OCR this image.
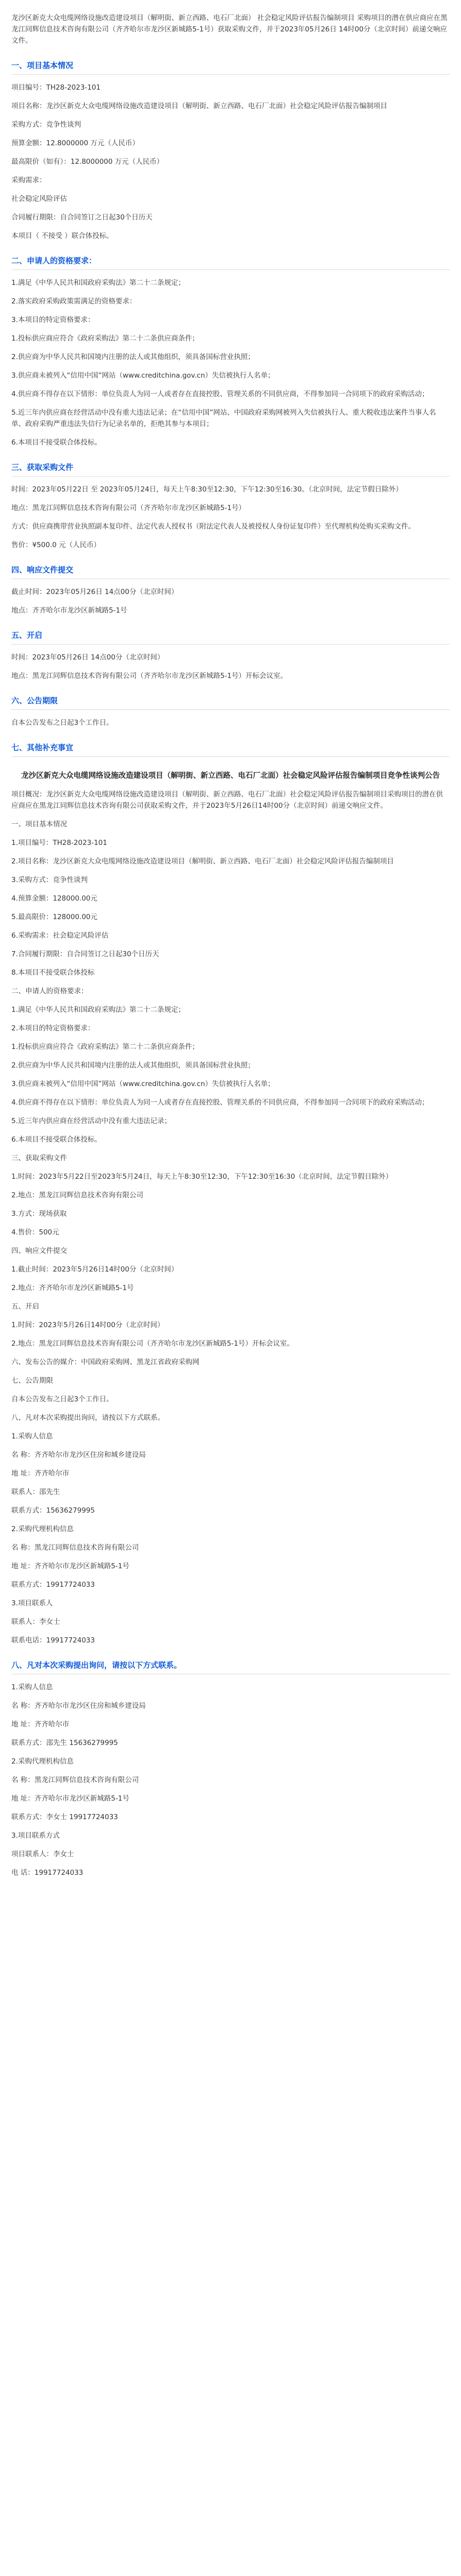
龙沙区新克大众电缆网络设施改造建设项目（解明街、新立西路、电石厂北面） 社会稳定风险评估报告编制项目 采购项目的潜在供应商应在黑龙江同辉信息技术咨询有限公司（齐齐哈尔市龙沙区新城路5-1号）获取采购文件，并于2023年05月26日 14时00分（北京时间）前递交响应文件。
一、项目基本情况
项目编号：TH28-2023-101
项目名称：龙沙区新克大众电缆网络设施改造建设项目（解明街、新立西路、电石厂北面）社会稳定风险评估报告编制项目
采购方式：竞争性谈判
预算金额：12.8000000 万元（人民币）
最高限价（如有）：12.8000000 万元（人民币）
采购需求：
社会稳定风险评估
合同履行期限：自合同签订之日起30个日历天
本项目（ 不接受 ）联合体投标。
二、申请人的资格要求：
1.满足《中华人民共和国政府采购法》第二十二条规定；
2.落实政府采购政策需满足的资格要求：
3.本项目的特定资格要求：
1.投标供应商应符合《政府采购法》第二十二条供应商条件；
2.供应商为中华人民共和国境内注册的法人或其他组织，须具备国标营业执照；
3.供应商未被列入“信用中国”网站（www.creditchina.gov.cn）失信被执行人名单；
4.供应商不得存在以下情形：单位负责人为同一人或者存在直接控股、管理关系的不同供应商，不得参加同一合同项下的政府采购活动；
5.近三年内供应商在经营活动中没有重大违法记录；在“信用中国”网站、中国政府采购网被列入失信被执行人、重大税收违法案件当事人名单、政府采购严重违法失信行为记录名单的，拒绝其参与本项目；
6.本项目不接受联合体投标。
三、获取采购文件
时间：2023年05月22日 至 2023年05月24日，每天上午8:30至12:30，下午12:30至16:30。（北京时间，法定节假日除外）
地点：黑龙江同辉信息技术咨询有限公司（齐齐哈尔市龙沙区新城路5-1号）
方式：供应商携带营业执照副本复印件、法定代表人授权书（附法定代表人及被授权人身份证复印件）至代理机构处购买采购文件。
售价：¥500.0 元（人民币）
四、响应文件提交
截止时间：2023年05月26日 14点00分（北京时间）
地点：齐齐哈尔市龙沙区新城路5-1号
五、开启
时间：2023年05月26日 14点00分（北京时间）
地点：黑龙江同辉信息技术咨询有限公司（齐齐哈尔市龙沙区新城路5-1号）开标会议室。
六、公告期限
自本公告发布之日起3个工作日。
七、其他补充事宜
龙沙区新克大众电缆网络设施改造建设项目（解明街、新立西路、电石厂北面）社会稳定风险评估报告编制项目竞争性谈判公告
项目概况：龙沙区新克大众电缆网络设施改造建设项目（解明街、新立西路、电石厂北面）社会稳定风险评估报告编制项目采购项目的潜在供应商应在黑龙江同辉信息技术咨询有限公司获取采购文件，并于2023年5月26日14时00分（北京时间）前递交响应文件。
一、项目基本情况
1.项目编号：TH28-2023-101
2.项目名称：龙沙区新克大众电缆网络设施改造建设项目（解明街、新立西路、电石厂北面）社会稳定风险评估报告编制项目
3.采购方式：竞争性谈判
4.预算金额：128000.00元
5.最高限价：128000.00元
6.采购需求：社会稳定风险评估
7.合同履行期限：自合同签订之日起30个日历天
8.本项目不接受联合体投标
二、申请人的资格要求：
1.满足《中华人民共和国政府采购法》第二十二条规定；
2.本项目的特定资格要求：
1.投标供应商应符合《政府采购法》第二十二条供应商条件；
2.供应商为中华人民共和国境内注册的法人或其他组织，须具备国标营业执照；
3.供应商未被列入“信用中国”网站（www.creditchina.gov.cn）失信被执行人名单；
4.供应商不得存在以下情形：单位负责人为同一人或者存在直接控股、管理关系的不同供应商，不得参加同一合同项下的政府采购活动；
5.近三年内供应商在经营活动中没有重大违法记录；
6.本项目不接受联合体投标。
三、获取采购文件
1.时间：2023年5月22日至2023年5月24日，每天上午8:30至12:30，下午12:30至16:30（北京时间，法定节假日除外）
2.地点：黑龙江同辉信息技术咨询有限公司
3.方式：现场获取
4.售价：500元
四、响应文件提交
1.截止时间：2023年5月26日14时00分（北京时间）
2.地点：齐齐哈尔市龙沙区新城路5-1号
五、开启
1.时间：2023年5月26日14时00分（北京时间）
2.地点：黑龙江同辉信息技术咨询有限公司（齐齐哈尔市龙沙区新城路5-1号）开标会议室。
六、发布公告的媒介：中国政府采购网、黑龙江省政府采购网
七、公告期限
自本公告发布之日起3个工作日。
八、凡对本次采购提出询问，请按以下方式联系。
1.采购人信息
名 称：齐齐哈尔市龙沙区住房和城乡建设局
地 址：齐齐哈尔市
联系人：邵先生
联系方式：15636279995
2.采购代理机构信息
名 称：黑龙江同辉信息技术咨询有限公司
地 址：齐齐哈尔市龙沙区新城路5-1号
联系方式：19917724033
3.项目联系人
联系人：李女士
联系电话：19917724033
八、凡对本次采购提出询问，请按以下方式联系。
1.采购人信息
名 称：齐齐哈尔市龙沙区住房和城乡建设局
地 址：齐齐哈尔市
联系方式：邵先生 15636279995
2.采购代理机构信息
名 称：黑龙江同辉信息技术咨询有限公司
地 址：齐齐哈尔市龙沙区新城路5-1号
联系方式：李女士 19917724033
3.项目联系方式
项目联系人：李女士
电 话：19917724033
